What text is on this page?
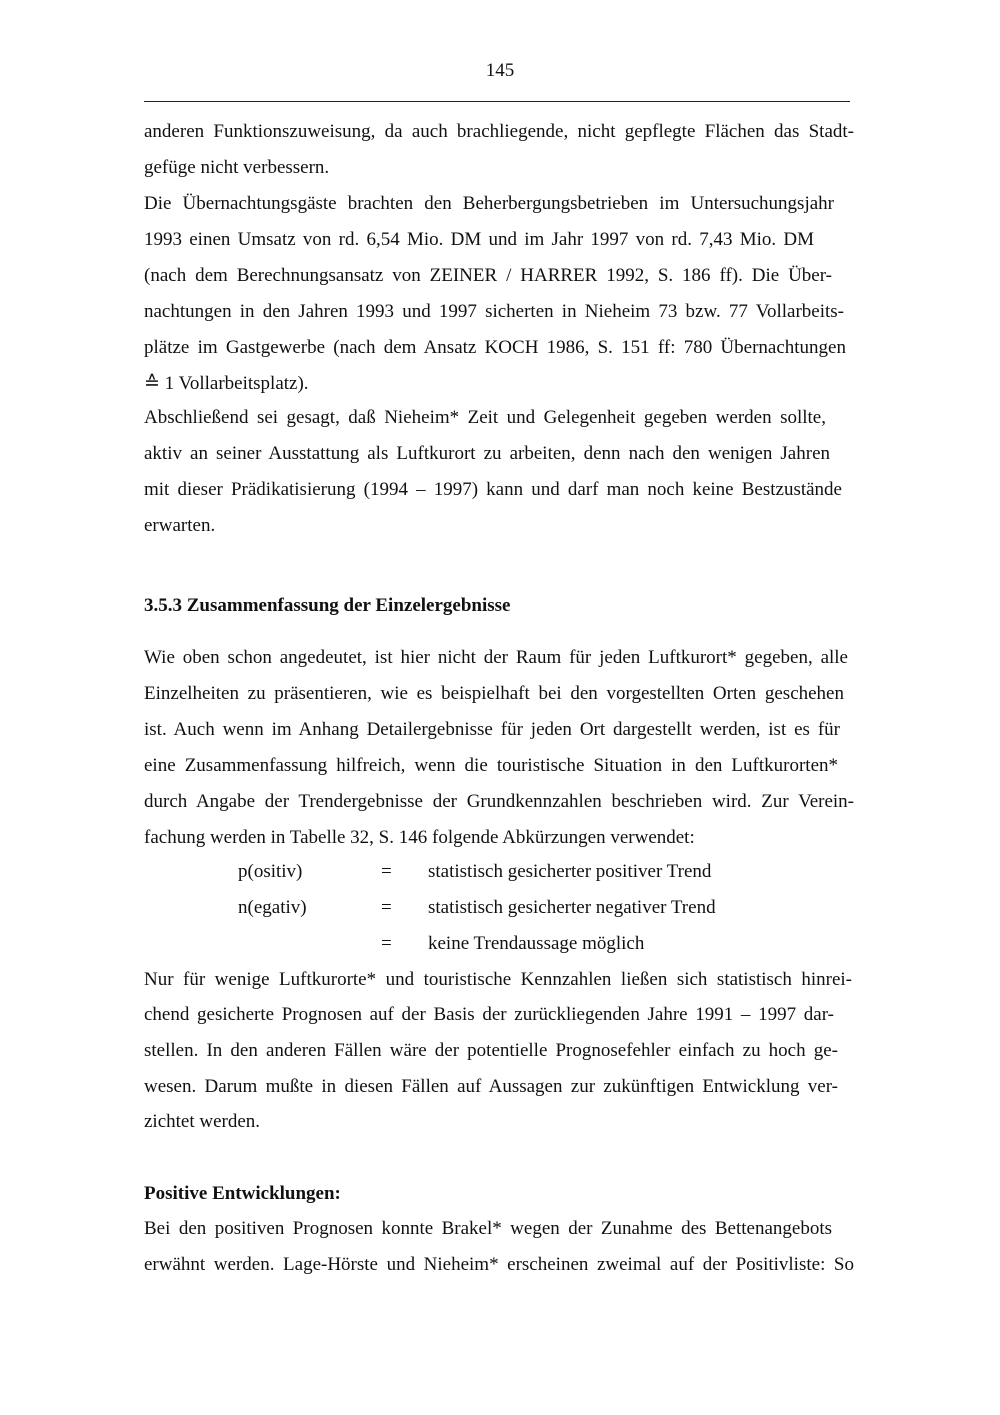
145
anderen Funktionszuweisung, da auch brachliegende, nicht gepflegte Flächen das Stadt-
gefüge nicht verbessern.
Die Übernachtungsgäste brachten den Beherbergungsbetrieben im Untersuchungsjahr
1993 einen Umsatz von rd. 6,54 Mio. DM und im Jahr 1997 von rd. 7,43 Mio. DM
(nach dem Berechnungsansatz von ZEINER / HARRER 1992, S. 186 ff). Die Über-
nachtungen in den Jahren 1993 und 1997 sicherten in Nieheim 73 bzw. 77 Vollarbeits-
plätze im Gastgewerbe (nach dem Ansatz KOCH 1986, S. 151 ff: 780 Übernachtungen
≙ 1 Vollarbeitsplatz).
Abschließend sei gesagt, daß Nieheim* Zeit und Gelegenheit gegeben werden sollte,
aktiv an seiner Ausstattung als Luftkurort zu arbeiten, denn nach den wenigen Jahren
mit dieser Prädikatisierung (1994 – 1997) kann und darf man noch keine Bestzustände
erwarten.
3.5.3 Zusammenfassung der Einzelergebnisse
Wie oben schon angedeutet, ist hier nicht der Raum für jeden Luftkurort* gegeben, alle
Einzelheiten zu präsentieren, wie es beispielhaft bei den vorgestellten Orten geschehen
ist. Auch wenn im Anhang Detailergebnisse für jeden Ort dargestellt werden, ist es für
eine Zusammenfassung hilfreich, wenn die touristische Situation in den Luftkurorten*
durch Angabe der Trendergebnisse der Grundkennzahlen beschrieben wird. Zur Verein-
fachung werden in Tabelle 32, S. 146 folgende Abkürzungen verwendet:
p(ositiv)	= statistisch gesicherter positiver Trend
n(egativ)	= statistisch gesicherter negativer Trend
= keine Trendaussage möglich
Nur für wenige Luftkurorte* und touristische Kennzahlen ließen sich statistisch hinrei-
chend gesicherte Prognosen auf der Basis der zurückliegenden Jahre 1991 – 1997 dar-
stellen. In den anderen Fällen wäre der potentielle Prognosefehler einfach zu hoch ge-
wesen. Darum mußte in diesen Fällen auf Aussagen zur zukünftigen Entwicklung ver-
zichtet werden.
Positive Entwicklungen:
Bei den positiven Prognosen konnte Brakel* wegen der Zunahme des Bettenangebots
erwähnt werden. Lage-Hörste und Nieheim* erscheinen zweimal auf der Positivliste: So
